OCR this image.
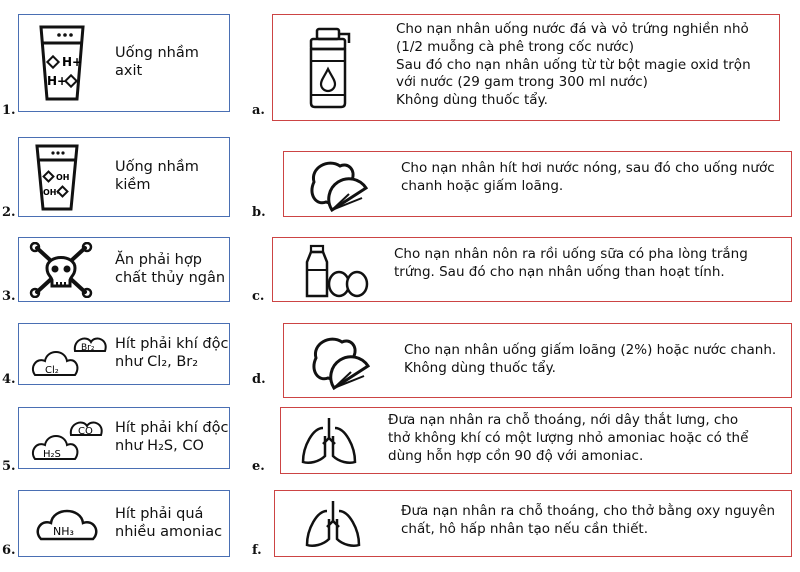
1.
2.
3.
4.
5.
6.
H+
H+
Uống nhầm
axit
OH
OH-
Uống nhầm
kiềm
Ăn phải hợp
chất thủy ngân
Br₂
Cl₂
Hít phải khí độc
như Cl₂, Br₂
CO
H₂S
Hít phải khí độc
như H₂S, CO
NH₃
Hít phải quá
nhiều amoniac
a.
b.
c.
d.
e.
f.
Cho nạn nhân uống nước đá và vỏ trứng nghiền nhỏ
(1/2 muỗng cà phê trong cốc nước)
Sau đó cho nạn nhân uống từ từ bột magie oxid trộn
với nước (29 gam trong 300 ml nước)
Không dùng thuốc tẩy.
Cho nạn nhân hít hơi nước nóng, sau đó cho uống nước
chanh hoặc giấm loãng.
Cho nạn nhân nôn ra rồi uống sữa có pha lòng trắng
trứng. Sau đó cho nạn nhân uống than hoạt tính.
Cho nạn nhân uống giấm loãng (2%) hoặc nước chanh.
Không dùng thuốc tẩy.
Đưa nạn nhân ra chỗ thoáng, nới dây thắt lưng, cho
thở không khí có một lượng nhỏ amoniac hoặc có thể
dùng hỗn hợp cồn 90 độ với amoniac.
Đưa nạn nhân ra chỗ thoáng, cho thở bằng oxy nguyên
chất, hô hấp nhân tạo nếu cần thiết.
